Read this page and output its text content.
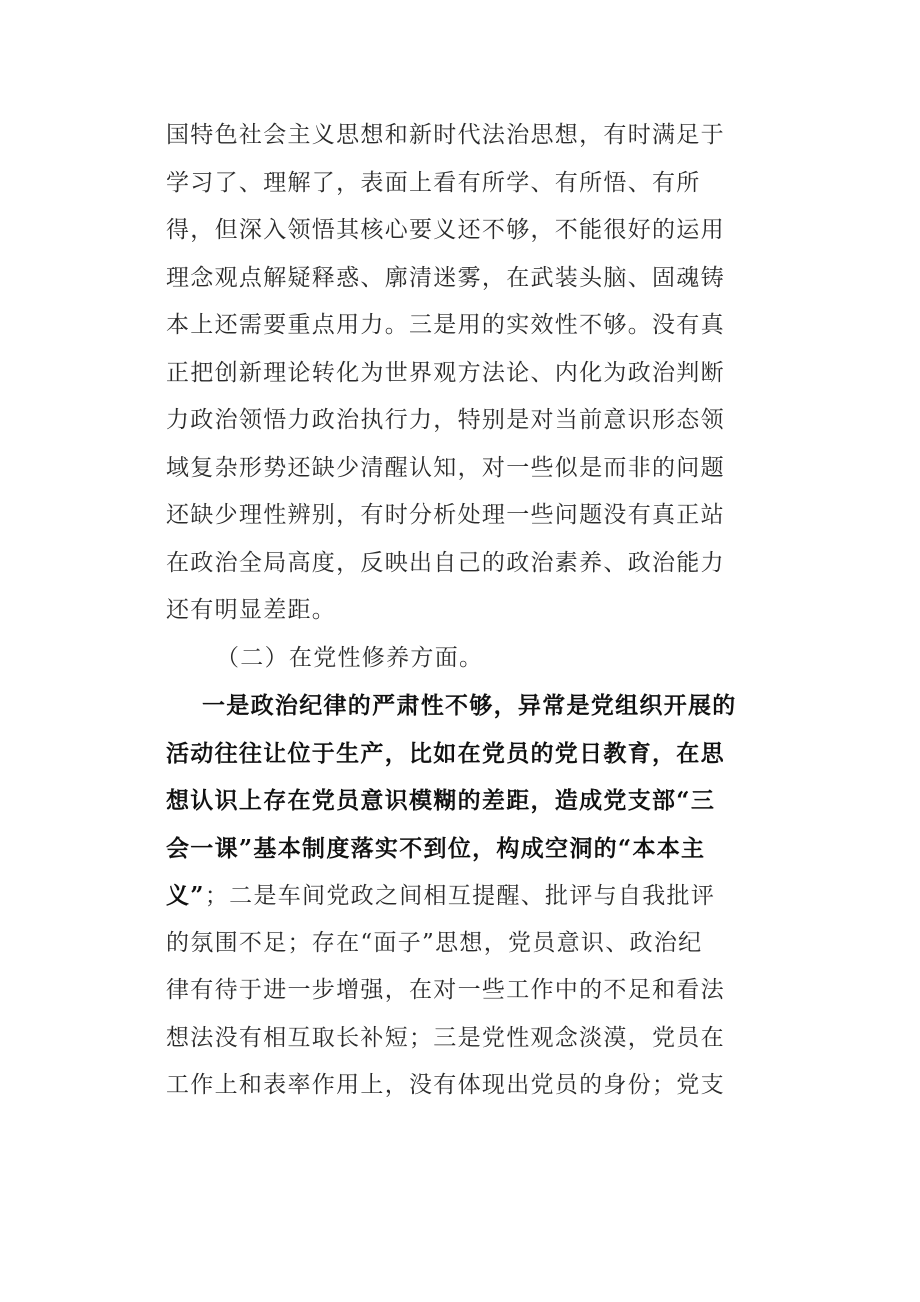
国特色社会主义思想和新时代法治思想，有时满足于
学习了、理解了，表面上看有所学、有所悟、有所
得，但深入领悟其核心要义还不够，不能很好的运用
理念观点解疑释惑、廓清迷雾，在武装头脑、固魂铸
本上还需要重点用力。三是用的实效性不够。没有真
正把创新理论转化为世界观方法论、内化为政治判断
力政治领悟力政治执行力，特别是对当前意识形态领
域复杂形势还缺少清醒认知，对一些似是而非的问题
还缺少理性辨别，有时分析处理一些问题没有真正站
在政治全局高度，反映出自己的政治素养、政治能力
还有明显差距。
（二）在党性修养方面。
一是政治纪律的严肃性不够，异常是党组织开展的
活动往往让位于生产，比如在党员的党日教育，在思
想认识上存在党员意识模糊的差距，造成党支部“三
会一课”基本制度落实不到位，构成空洞的“本本主
义”；二是车间党政之间相互提醒、批评与自我批评
的氛围不足；存在“面子”思想，党员意识、政治纪
律有待于进一步增强，在对一些工作中的不足和看法
想法没有相互取长补短；三是党性观念淡漠，党员在
工作上和表率作用上，没有体现出党员的身份；党支
